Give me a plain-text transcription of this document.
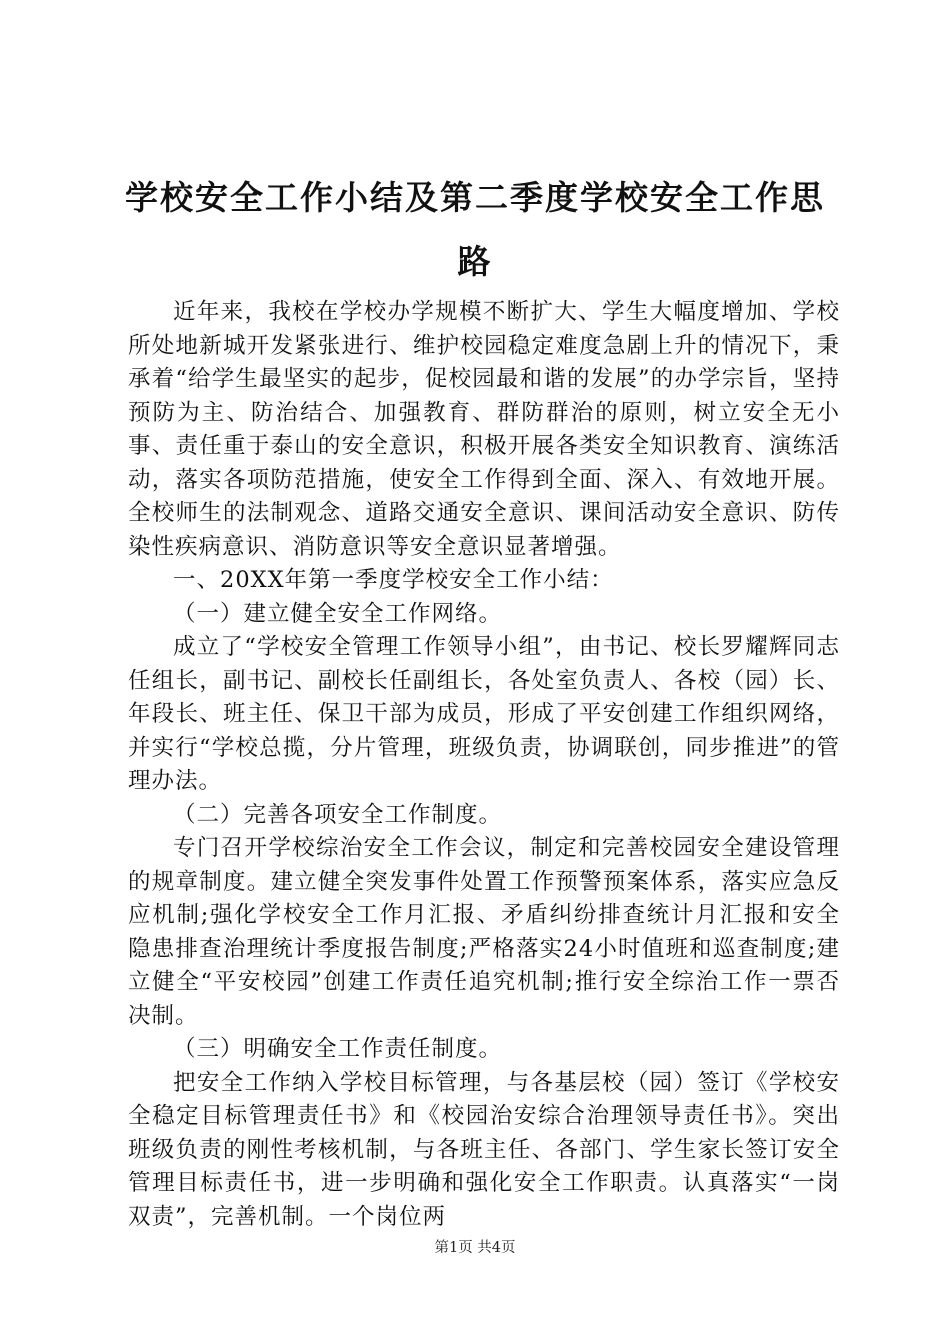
学校安全工作小结及第二季度学校安全工作思路

近年来，我校在学校办学规模不断扩大、学生大幅度增加、学校所处地新城开发紧张进行、维护校园稳定难度急剧上升的情况下，秉承着“给学生最坚实的起步，促校园最和谐的发展”的办学宗旨，坚持预防为主、防治结合、加强教育、群防群治的原则，树立安全无小事、责任重于泰山的安全意识，积极开展各类安全知识教育、演练活动，落实各项防范措施，使安全工作得到全面、深入、有效地开展。全校师生的法制观念、道路交通安全意识、课间活动安全意识、防传染性疾病意识、消防意识等安全意识显著增强。

一、20XX年第一季度学校安全工作小结：

（一）建立健全安全工作网络。

成立了“学校安全管理工作领导小组”，由书记、校长罗耀辉同志任组长，副书记、副校长任副组长，各处室负责人、各校（园）长、年段长、班主任、保卫干部为成员，形成了平安创建工作组织网络，并实行“学校总揽，分片管理，班级负责，协调联创，同步推进”的管理办法。

（二）完善各项安全工作制度。

专门召开学校综治安全工作会议，制定和完善校园安全建设管理的规章制度。建立健全突发事件处置工作预警预案体系，落实应急反应机制;强化学校安全工作月汇报、矛盾纠纷排查统计月汇报和安全隐患排查治理统计季度报告制度;严格落实24小时值班和巡查制度;建立健全“平安校园”创建工作责任追究机制;推行安全综治工作一票否决制。

（三）明确安全工作责任制度。

把安全工作纳入学校目标管理，与各基层校（园）签订《学校安全稳定目标管理责任书》和《校园治安综合治理领导责任书》。突出班级负责的刚性考核机制，与各班主任、各部门、学生家长签订安全管理目标责任书，进一步明确和强化安全工作职责。认真落实“一岗双责”，完善机制。一个岗位两

第1页 共4页
